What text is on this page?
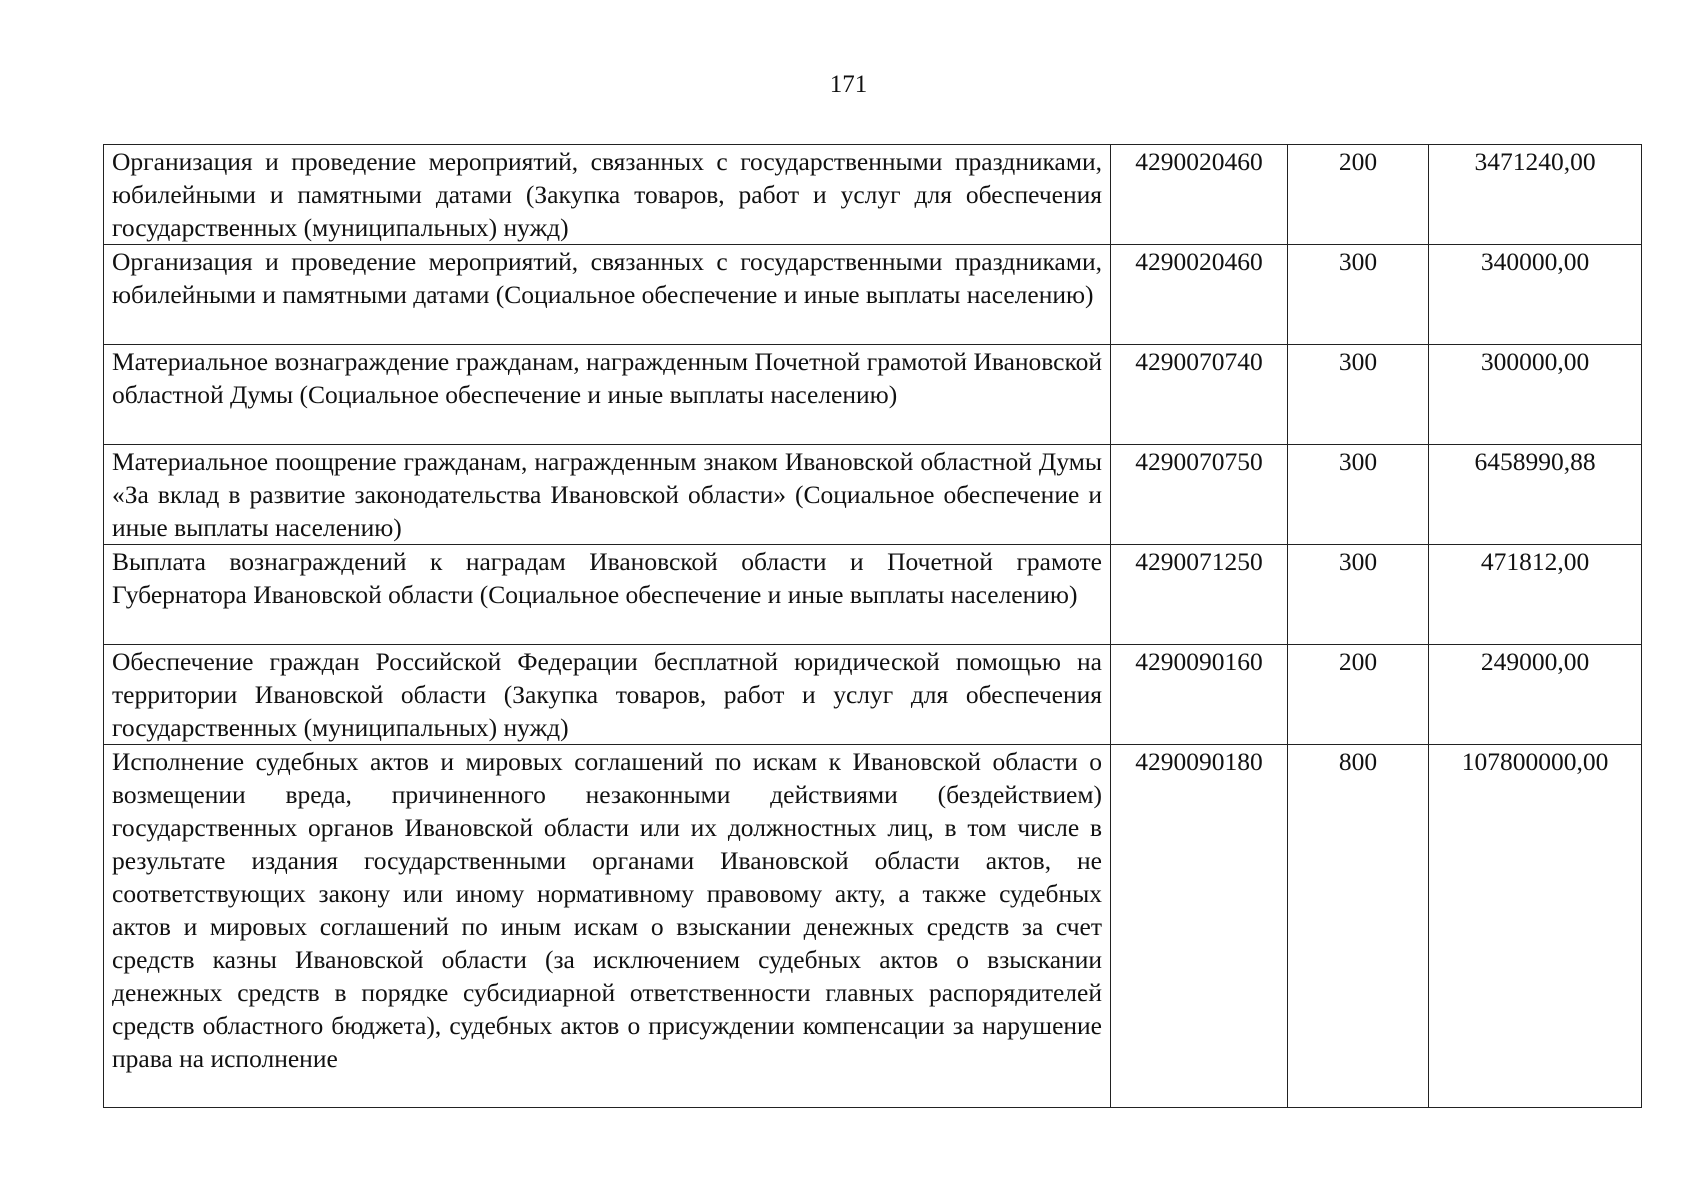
171
Организация и проведение мероприятий, связанных с государственными праздниками, юбилейными и памятными датами (Закупка товаров, работ и услуг для обеспечения государственных (муниципальных) нужд)	4290020460	200	3471240,00
Организация и проведение мероприятий, связанных с государственными праздниками, юбилейными и памятными датами (Социальное обеспечение и иные выплаты населению)	4290020460	300	340000,00
Материальное вознаграждение гражданам, награжденным Почетной грамотой Ивановской областной Думы (Социальное обеспечение и иные выплаты населению)	4290070740	300	300000,00
Материальное поощрение гражданам, награжденным знаком Ивановской областной Думы «За вклад в развитие законодательства Ивановской области» (Социальное обеспечение и иные выплаты населению)	4290070750	300	6458990,88
Выплата вознаграждений к наградам Ивановской области и Почетной грамоте Губернатора Ивановской области (Социальное обеспечение и иные выплаты населению)	4290071250	300	471812,00
Обеспечение граждан Российской Федерации бесплатной юридической помощью на территории Ивановской области (Закупка товаров, работ и услуг для обеспечения государственных (муниципальных) нужд)	4290090160	200	249000,00
Исполнение судебных актов и мировых соглашений по искам к Ивановской области о возмещении вреда, причиненного незаконными действиями (бездействием) государственных органов Ивановской области или их должностных лиц, в том числе в результате издания государственными органами Ивановской области актов, не соответствующих закону или иному нормативному правовому акту, а также судебных актов и мировых соглашений по иным искам о взыскании денежных средств за счет средств казны Ивановской области (за исключением судебных актов о взыскании денежных средств в порядке субсидиарной ответственности главных распорядителей средств областного бюджета), судебных актов о присуждении компенсации за нарушение права на исполнение	4290090180	800	107800000,00
